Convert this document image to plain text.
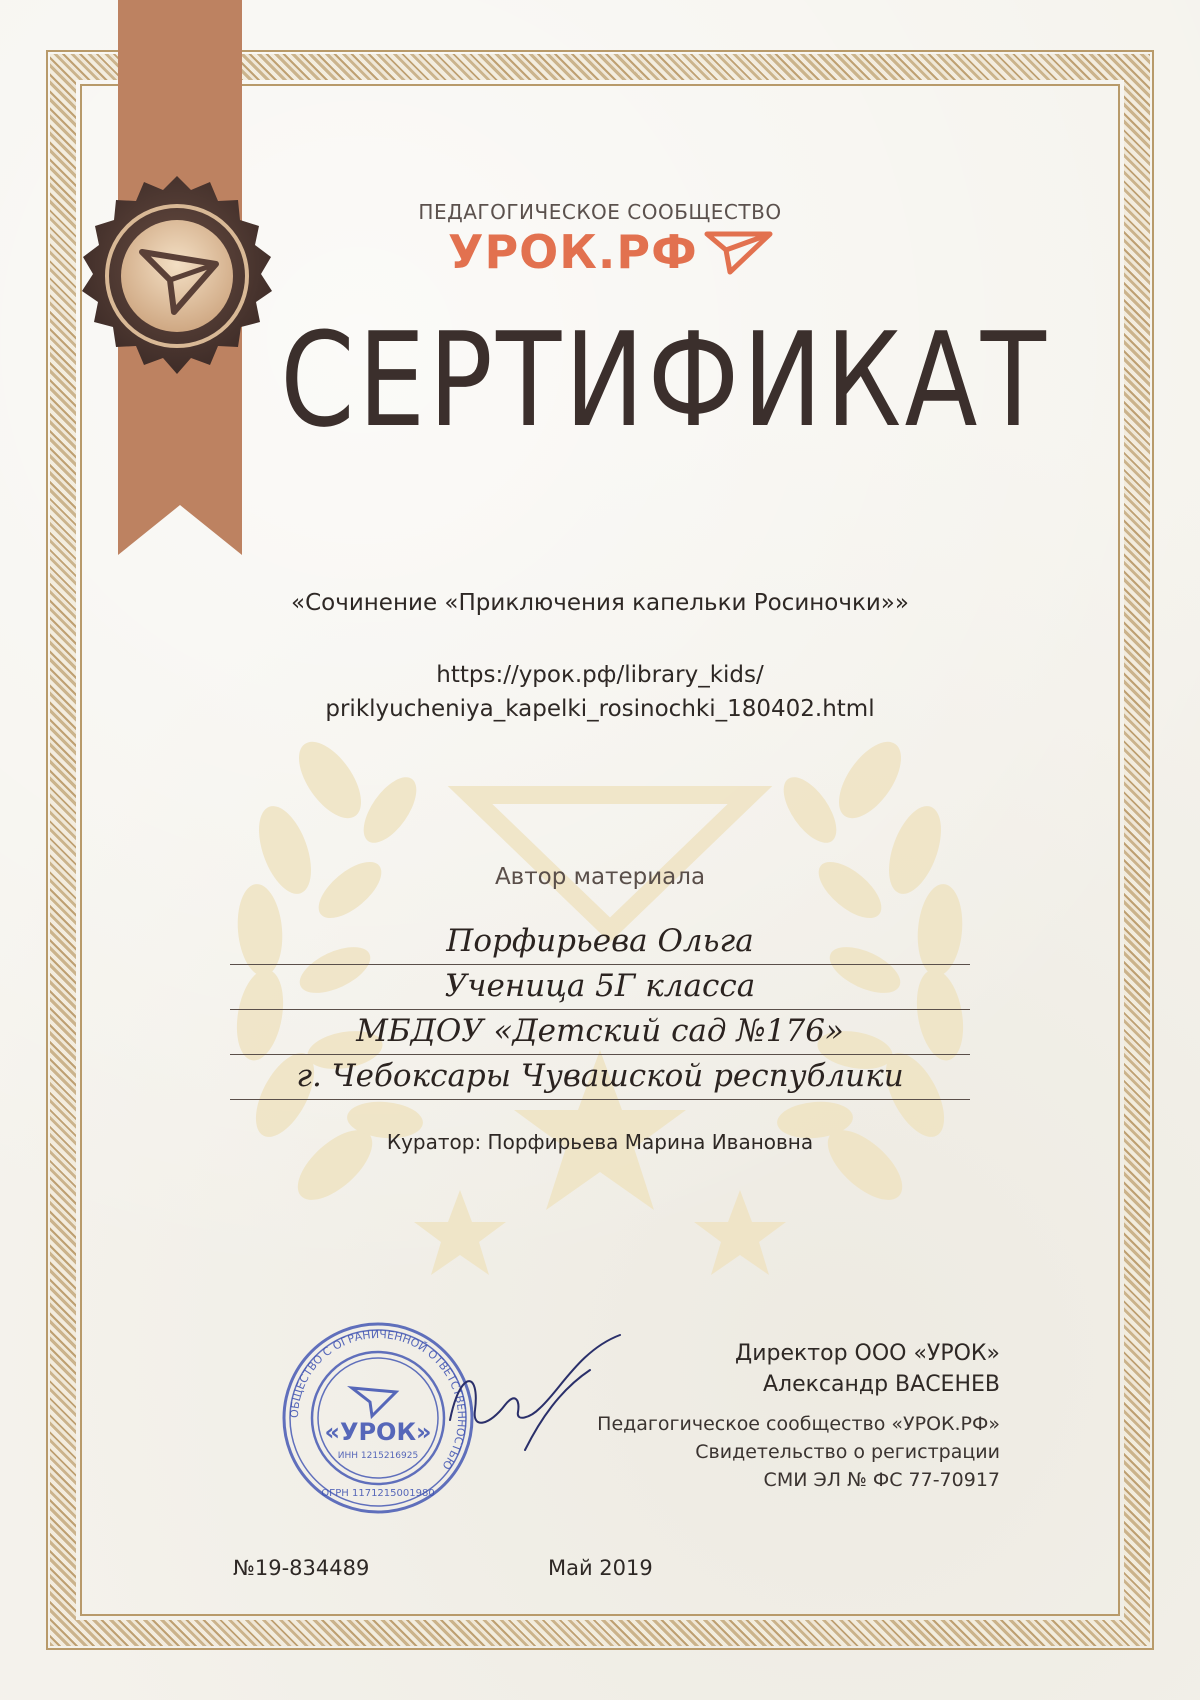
ПЕДАГОГИЧЕСКОЕ СООБЩЕСТВО
УРОК.РФ
СЕРТИФИКАТ
«Сочинение «Приключения капельки Росиночки»»
https://урок.рф/library_kids/
priklyucheniya_kapelki_rosinochki_180402.html
Автор материала
Порфирьева Ольга
Ученица 5Г класса
МБДОУ «Детский сад №176»
г. Чебоксары Чувашской республики
Куратор: Порфирьева Марина Ивановна
Директор ООО «УРОК»
Александр ВАСЕНЕВ
Педагогическое сообщество «УРОК.РФ»
Свидетельство о регистрации
СМИ ЭЛ № ФС 77-70917
ОБЩЕСТВО С ОГРАНИЧЕННОЙ ОТВЕТСТВЕННОСТЬЮ
«УРОК»
ИНН 1215216925
ОГРН 1171215001980
№19-834489	Май 2019
